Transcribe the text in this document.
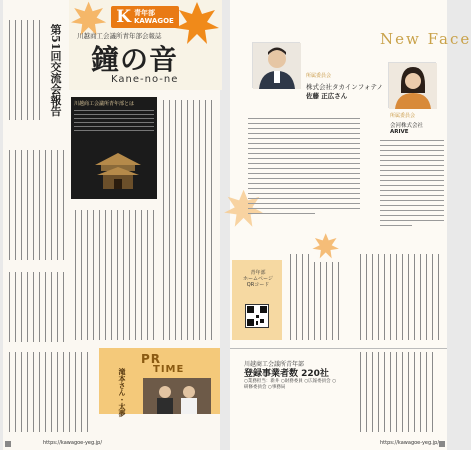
K 青年部
KAWAGOE
川越商工会議所青年部会報誌
鐘の音
Kane-no-ne
第51回交流会報告 川越商工会議所青年部とは
PR
TIME
滝本さん・太夢
https://kawagoe-yeg.jp/
New Face
所属委員会
株式会社タカインフォテノ
佐藤 正広さん
所属委員会
会河株式会社
ARIVE
青年部
ホームページ
QRコード
川越商工会議所青年部
登録事業者数 220社
○業務担当：新井 ○財務委員 ○広報委員会 ○研修委員会 ○事務局
https://kawagoe-yeg.jp/
